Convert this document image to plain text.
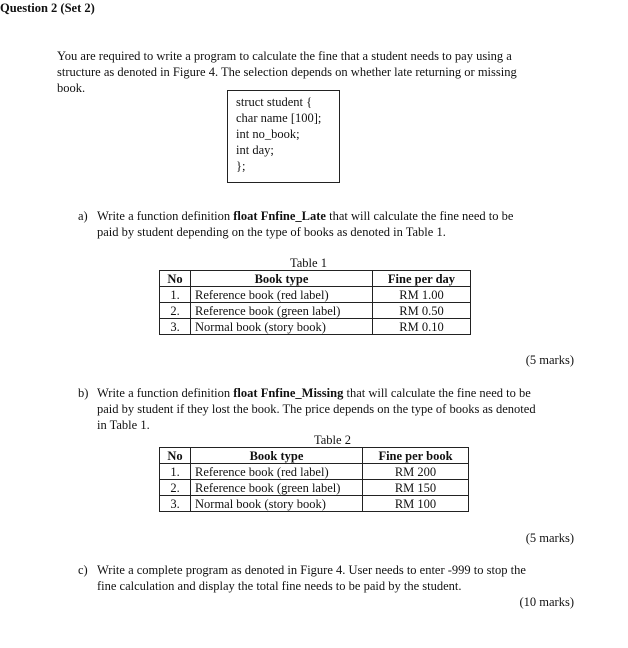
Question 2 (Set 2)
You are required to write a program to calculate the fine that a student needs to pay using a
structure as denoted in Figure 4. The selection depends on whether late returning or missing
book.
struct student {
char name [100];
int no_book;
int day;
};
a) Write a function definition float Fnfine_Late that will calculate the fine need to be
paid by student depending on the type of books as denoted in Table 1.
Table 1
No	Book type	Fine per day
1.	Reference book (red label)	RM 1.00
2.	Reference book (green label)	RM 0.50
3.	Normal book (story book)	RM 0.10
(5 marks)
b) Write a function definition float Fnfine_Missing that will calculate the fine need to be
paid by student if they lost the book. The price depends on the type of books as denoted
in Table 1.
Table 2
No	Book type	Fine per book
1.	Reference book (red label)	RM 200
2.	Reference book (green label)	RM 150
3.	Normal book (story book)	RM 100
(5 marks)
c) Write a complete program as denoted in Figure 4. User needs to enter -999 to stop the
fine calculation and display the total fine needs to be paid by the student.
(10 marks)
